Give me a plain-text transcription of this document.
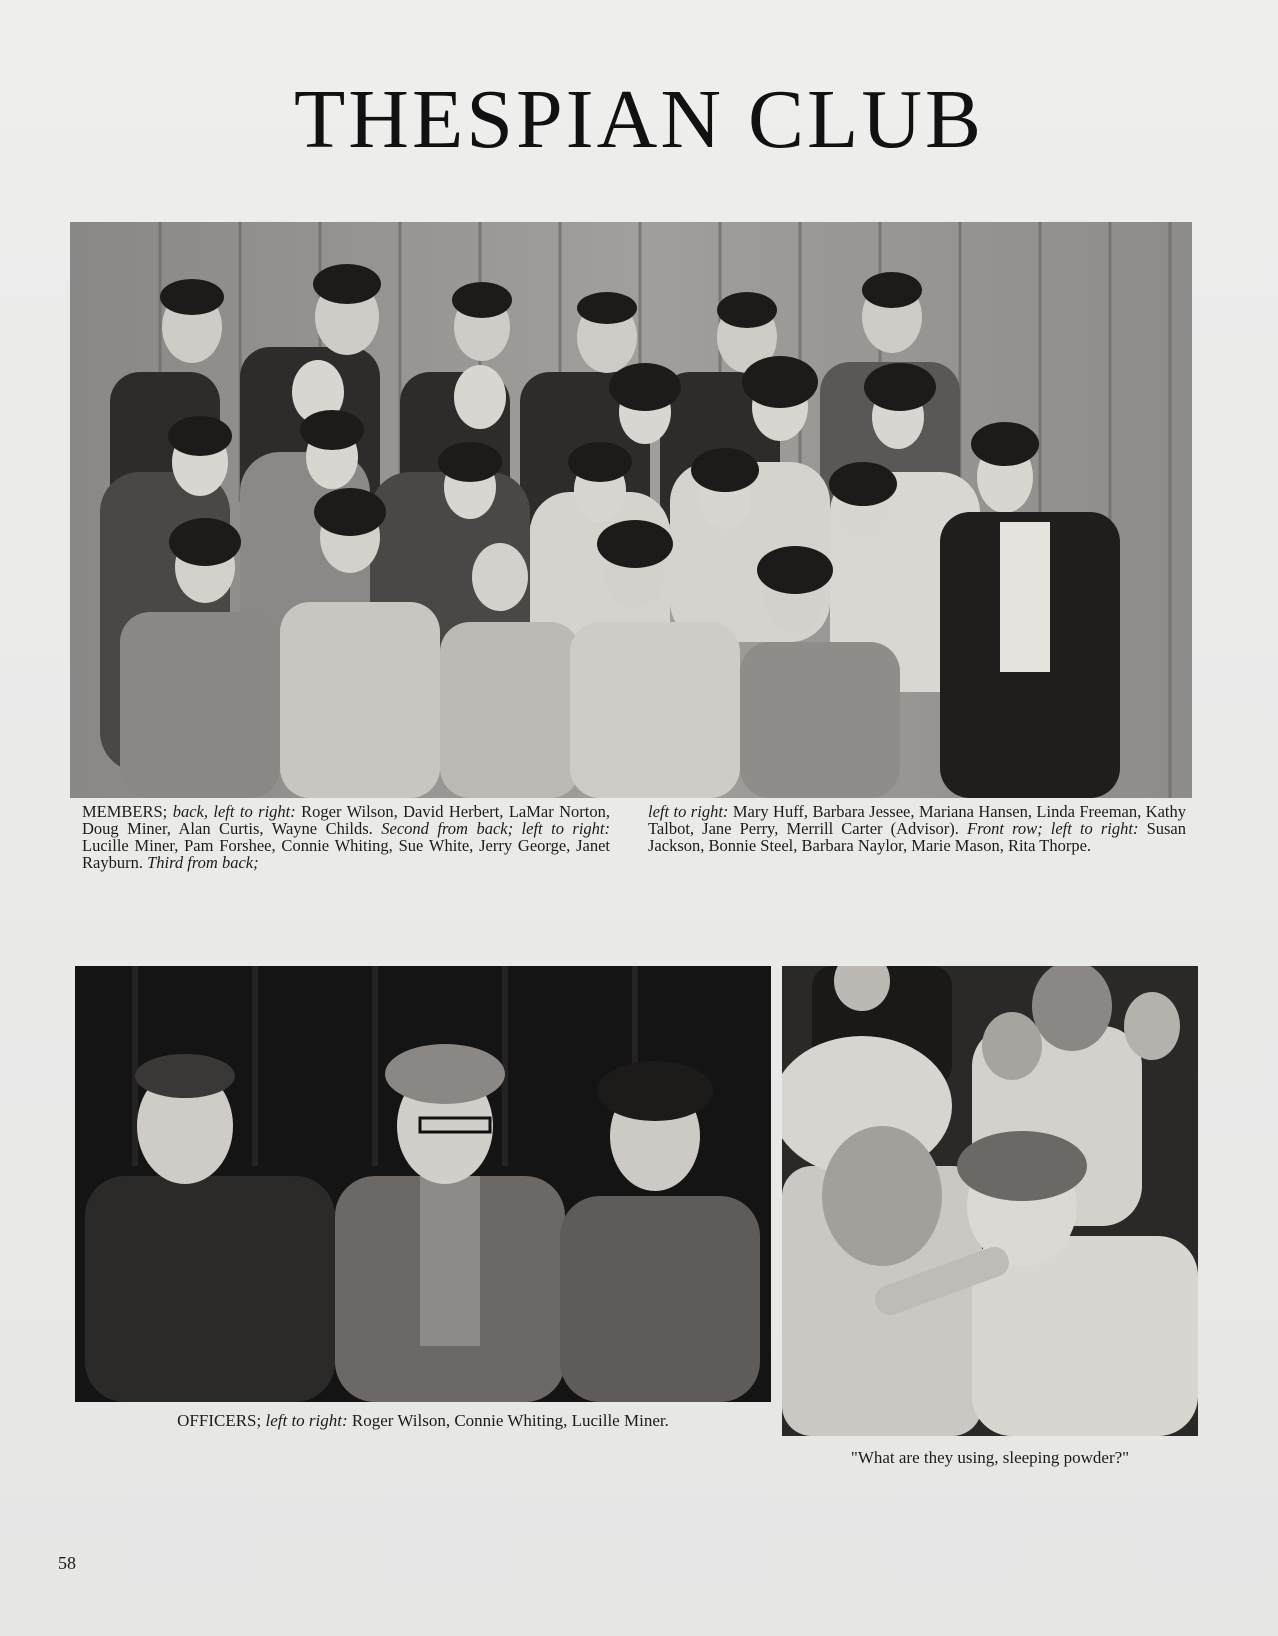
THESPIAN CLUB
MEMBERS; back, left to right: Roger Wilson, David Herbert, LaMar Norton, Doug Miner, Alan Curtis, Wayne Childs. Second from back; left to right: Lucille Miner, Pam Forshee, Connie Whiting, Sue White, Jerry George, Janet Rayburn. Third from back;
left to right: Mary Huff, Barbara Jessee, Mariana Hansen, Linda Freeman, Kathy Talbot, Jane Perry, Merrill Carter (Advisor). Front row; left to right: Susan Jackson, Bonnie Steel, Barbara Naylor, Marie Mason, Rita Thorpe.
OFFICERS; left to right: Roger Wilson, Connie Whiting, Lucille Miner.
"What are they using, sleeping powder?"
58
